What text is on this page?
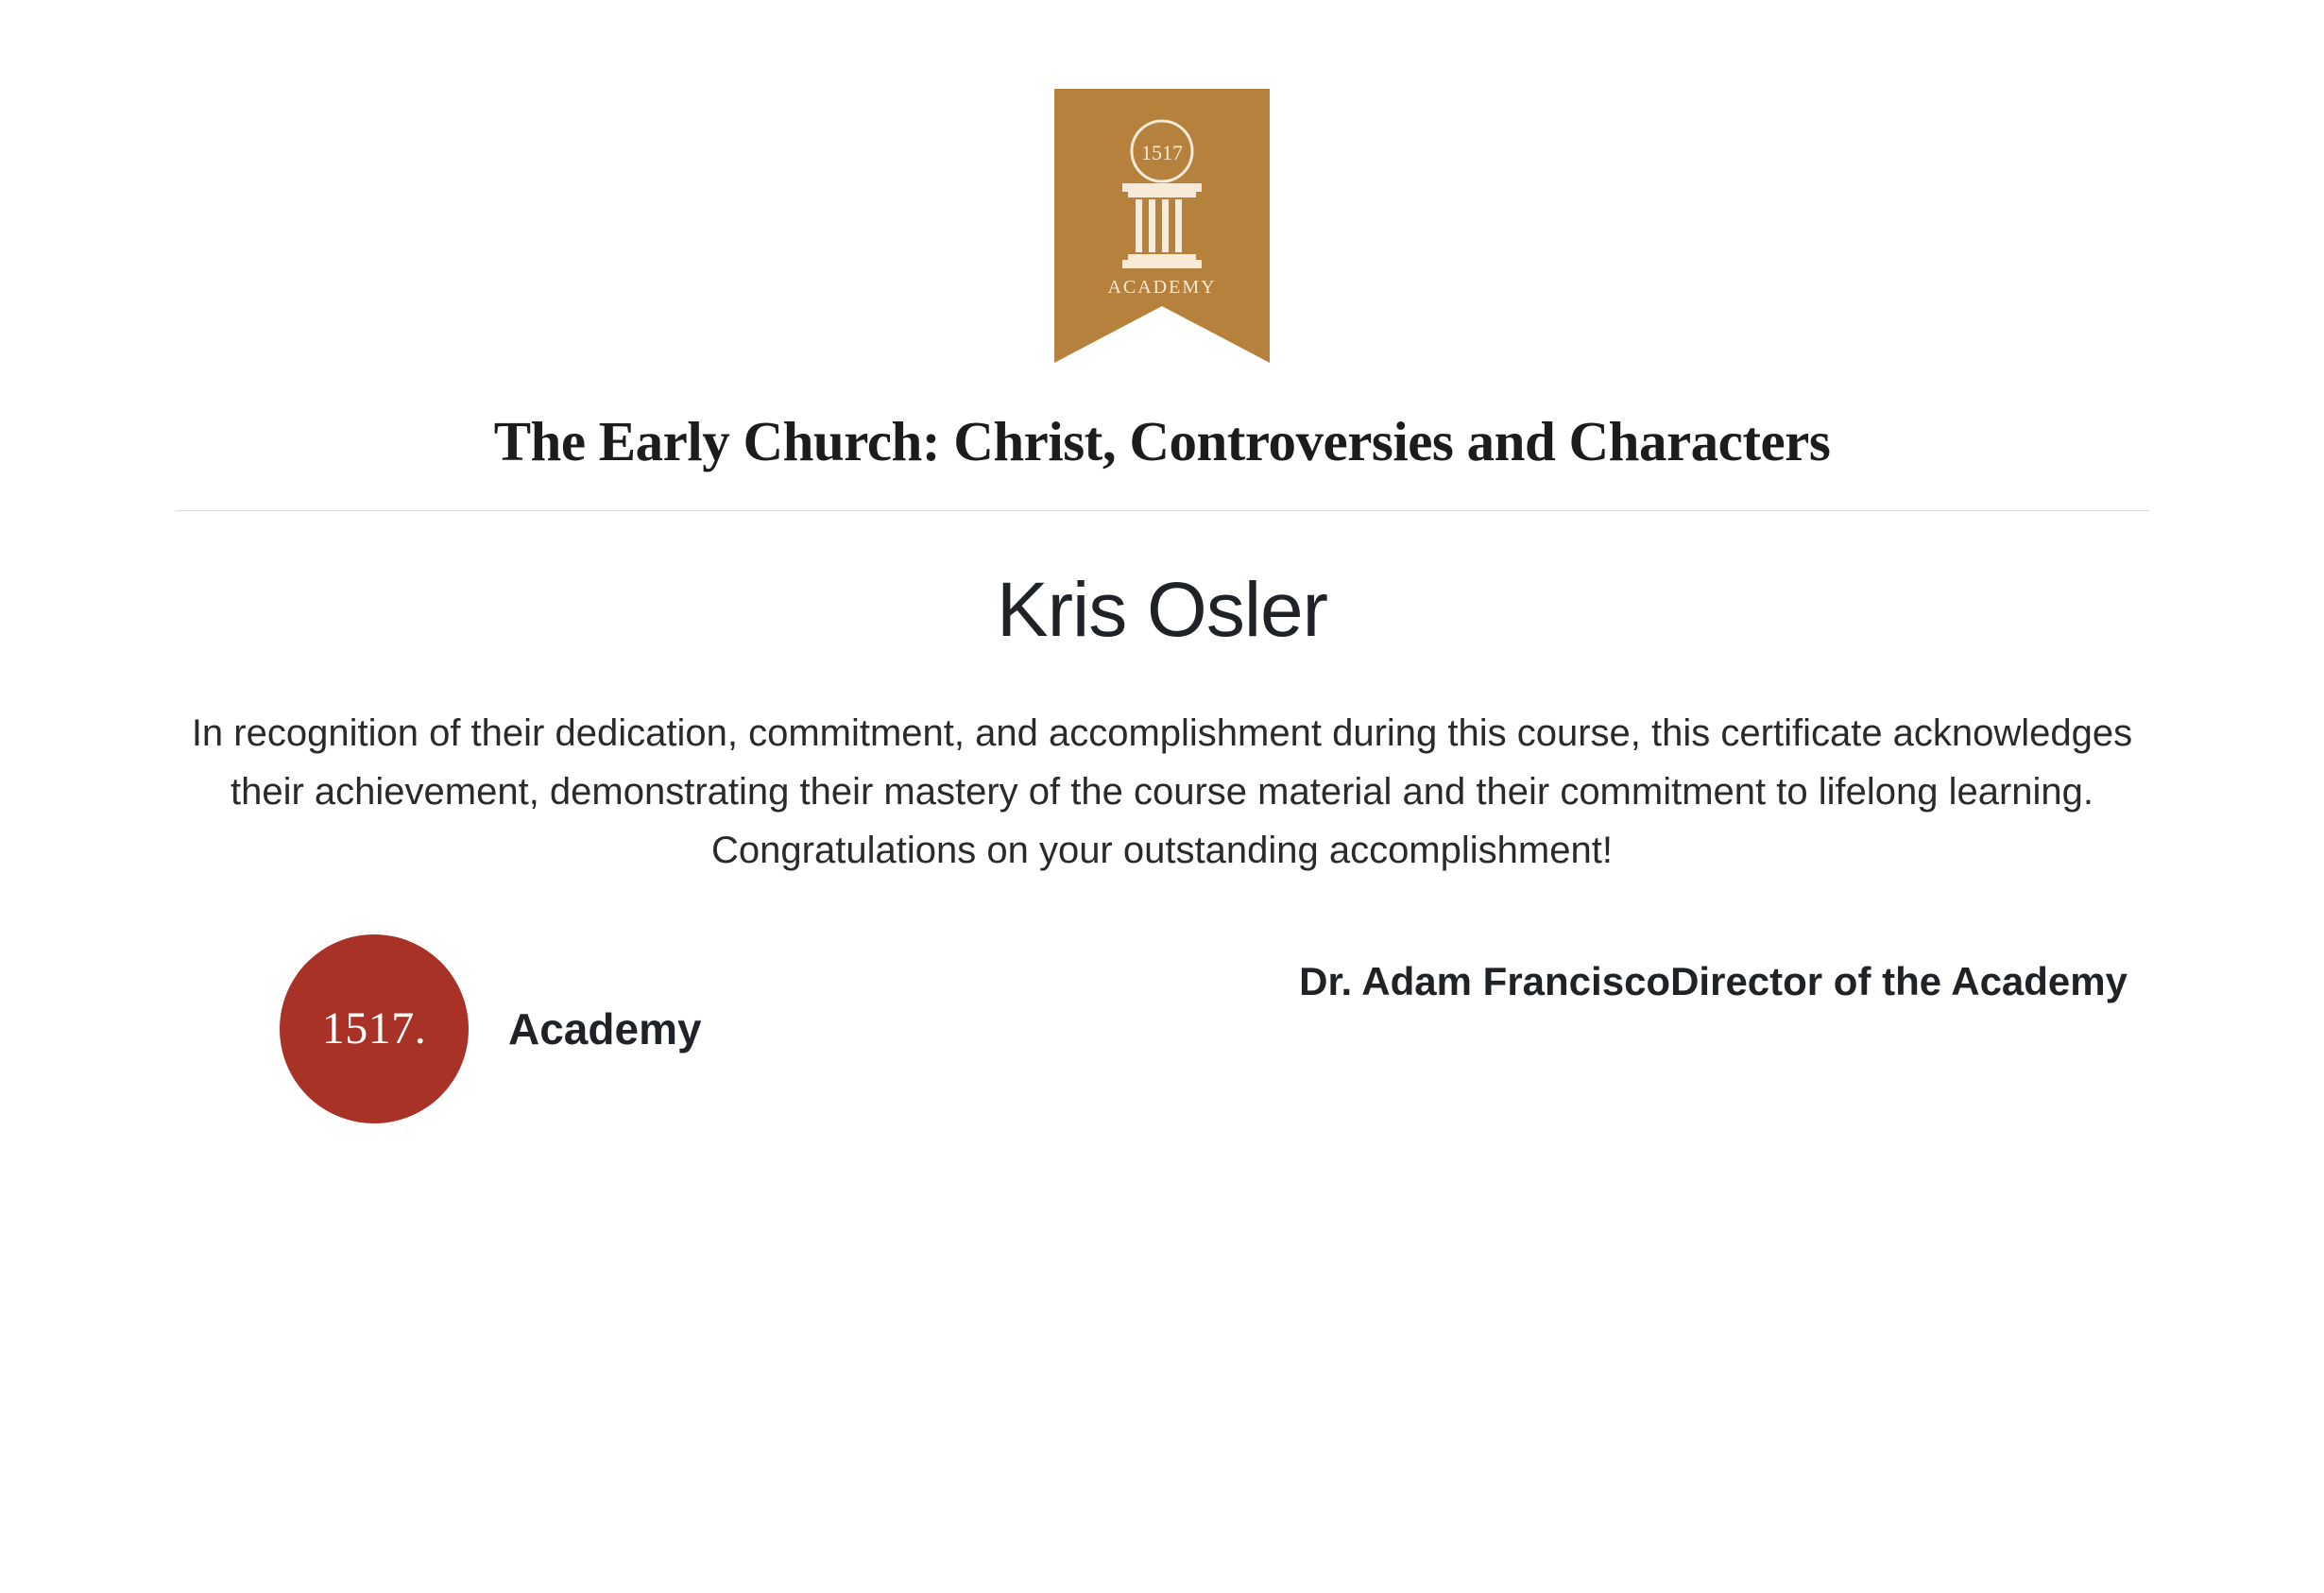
1517
ACADEMY
The Early Church: Christ, Controversies and Characters
Kris Osler
In recognition of their dedication, commitment, and accomplishment during this course, this certificate acknowledges their achievement, demonstrating their mastery of the course material and their commitment to lifelong learning. Congratulations on your outstanding accomplishment!
1517. Academy
Dr. Adam FranciscoDirector of the Academy
